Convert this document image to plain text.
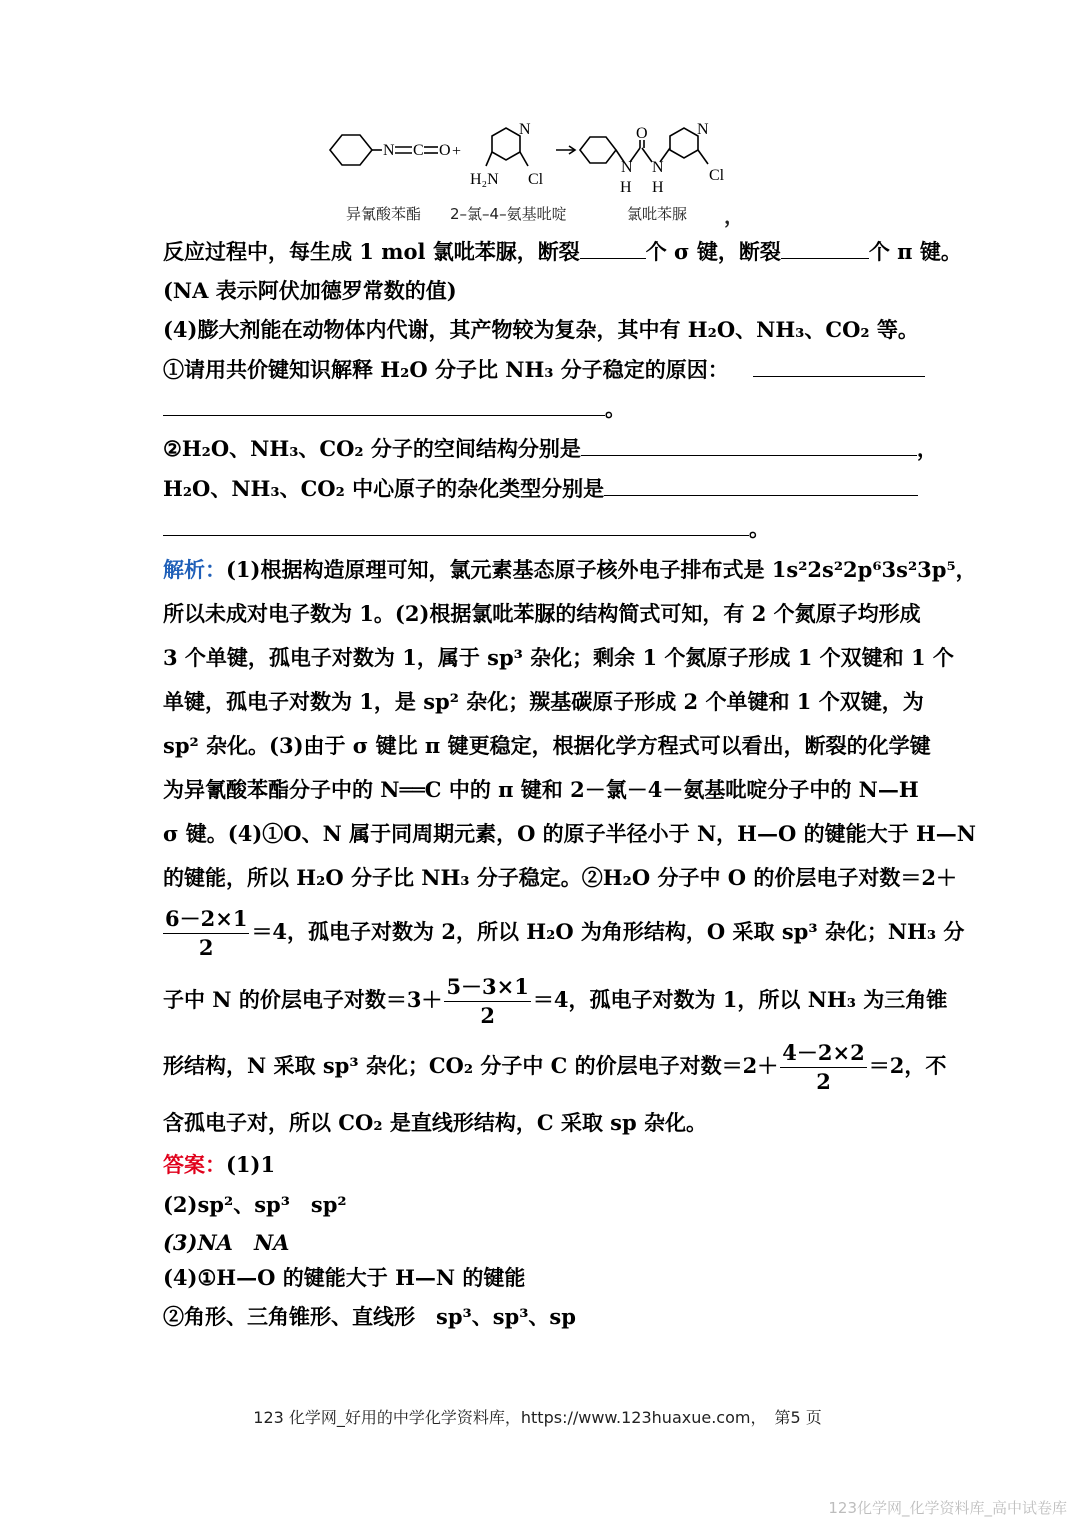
N C O +
N
H₂N Cl
N
H
O
N
H
N
Cl
异氰酸苯酯 2–氯–4–氨基吡啶	氯吡苯脲 ，
反应过程中，每生成 1 mol 氯吡苯脲，断裂	个 σ 键，断裂	个 π 键。
(NA 表示阿伏加德罗常数的值)
(4)膨大剂能在动物体内代谢，其产物较为复杂，其中有 H₂O、NH₃、CO₂ 等。
①请用共价键知识解释 H₂O 分子比 NH₃ 分子稳定的原因：
。
②H₂O、NH₃、CO₂ 分子的空间结构分别是	，
H₂O、NH₃、CO₂ 中心原子的杂化类型分别是
。
解析：(1)根据构造原理可知，氯元素基态原子核外电子排布式是 1s²2s²2p⁶3s²3p⁵，
所以未成对电子数为 1。(2)根据氯吡苯脲的结构简式可知，有 2 个氮原子均形成
3 个单键，孤电子对数为 1，属于 sp³ 杂化；剩余 1 个氮原子形成 1 个双键和 1 个
单键，孤电子对数为 1，是 sp² 杂化；羰基碳原子形成 2 个单键和 1 个双键，为
sp² 杂化。(3)由于 σ 键比 π 键更稳定，根据化学方程式可以看出，断裂的化学键
为异氰酸苯酯分子中的 N══C 中的 π 键和 2－氯－4－氨基吡啶分子中的 N—H
σ 键。(4)①O、N 属于同周期元素，O 的原子半径小于 N，H—O 的键能大于 H—N
的键能，所以 H₂O 分子比 NH₃ 分子稳定。②H₂O 分子中 O 的价层电子对数＝2＋
$\frac{6-2\times 1}{2} =4$，孤电子对数为 2，所以 H₂O 为角形结构，O 采取 sp³ 杂化；NH₃ 分
子中 N 的价层电子对数$=3+ \frac{5-3\times 1}{2} =4$，孤电子对数为 1，所以 NH₃ 为三角锥
形结构，N 采取 sp³ 杂化；CO₂ 分子中 C 的价层电子对数$=2+ \frac{4-2\times 2}{2} =2$，不
含孤电子对，所以 CO₂ 是直线形结构，C 采取 sp 杂化。
答案：(1)1
(2)sp²、sp³　sp²
(3)NA　NA
(4)①H—O 的键能大于 H—N 的键能
②角形、三角锥形、直线形　sp³、sp³、sp
123 化学网_好用的中学化学资料库，https://www.123huaxue.com，　第5 页
123化学网_化学资料库_高中试卷库
